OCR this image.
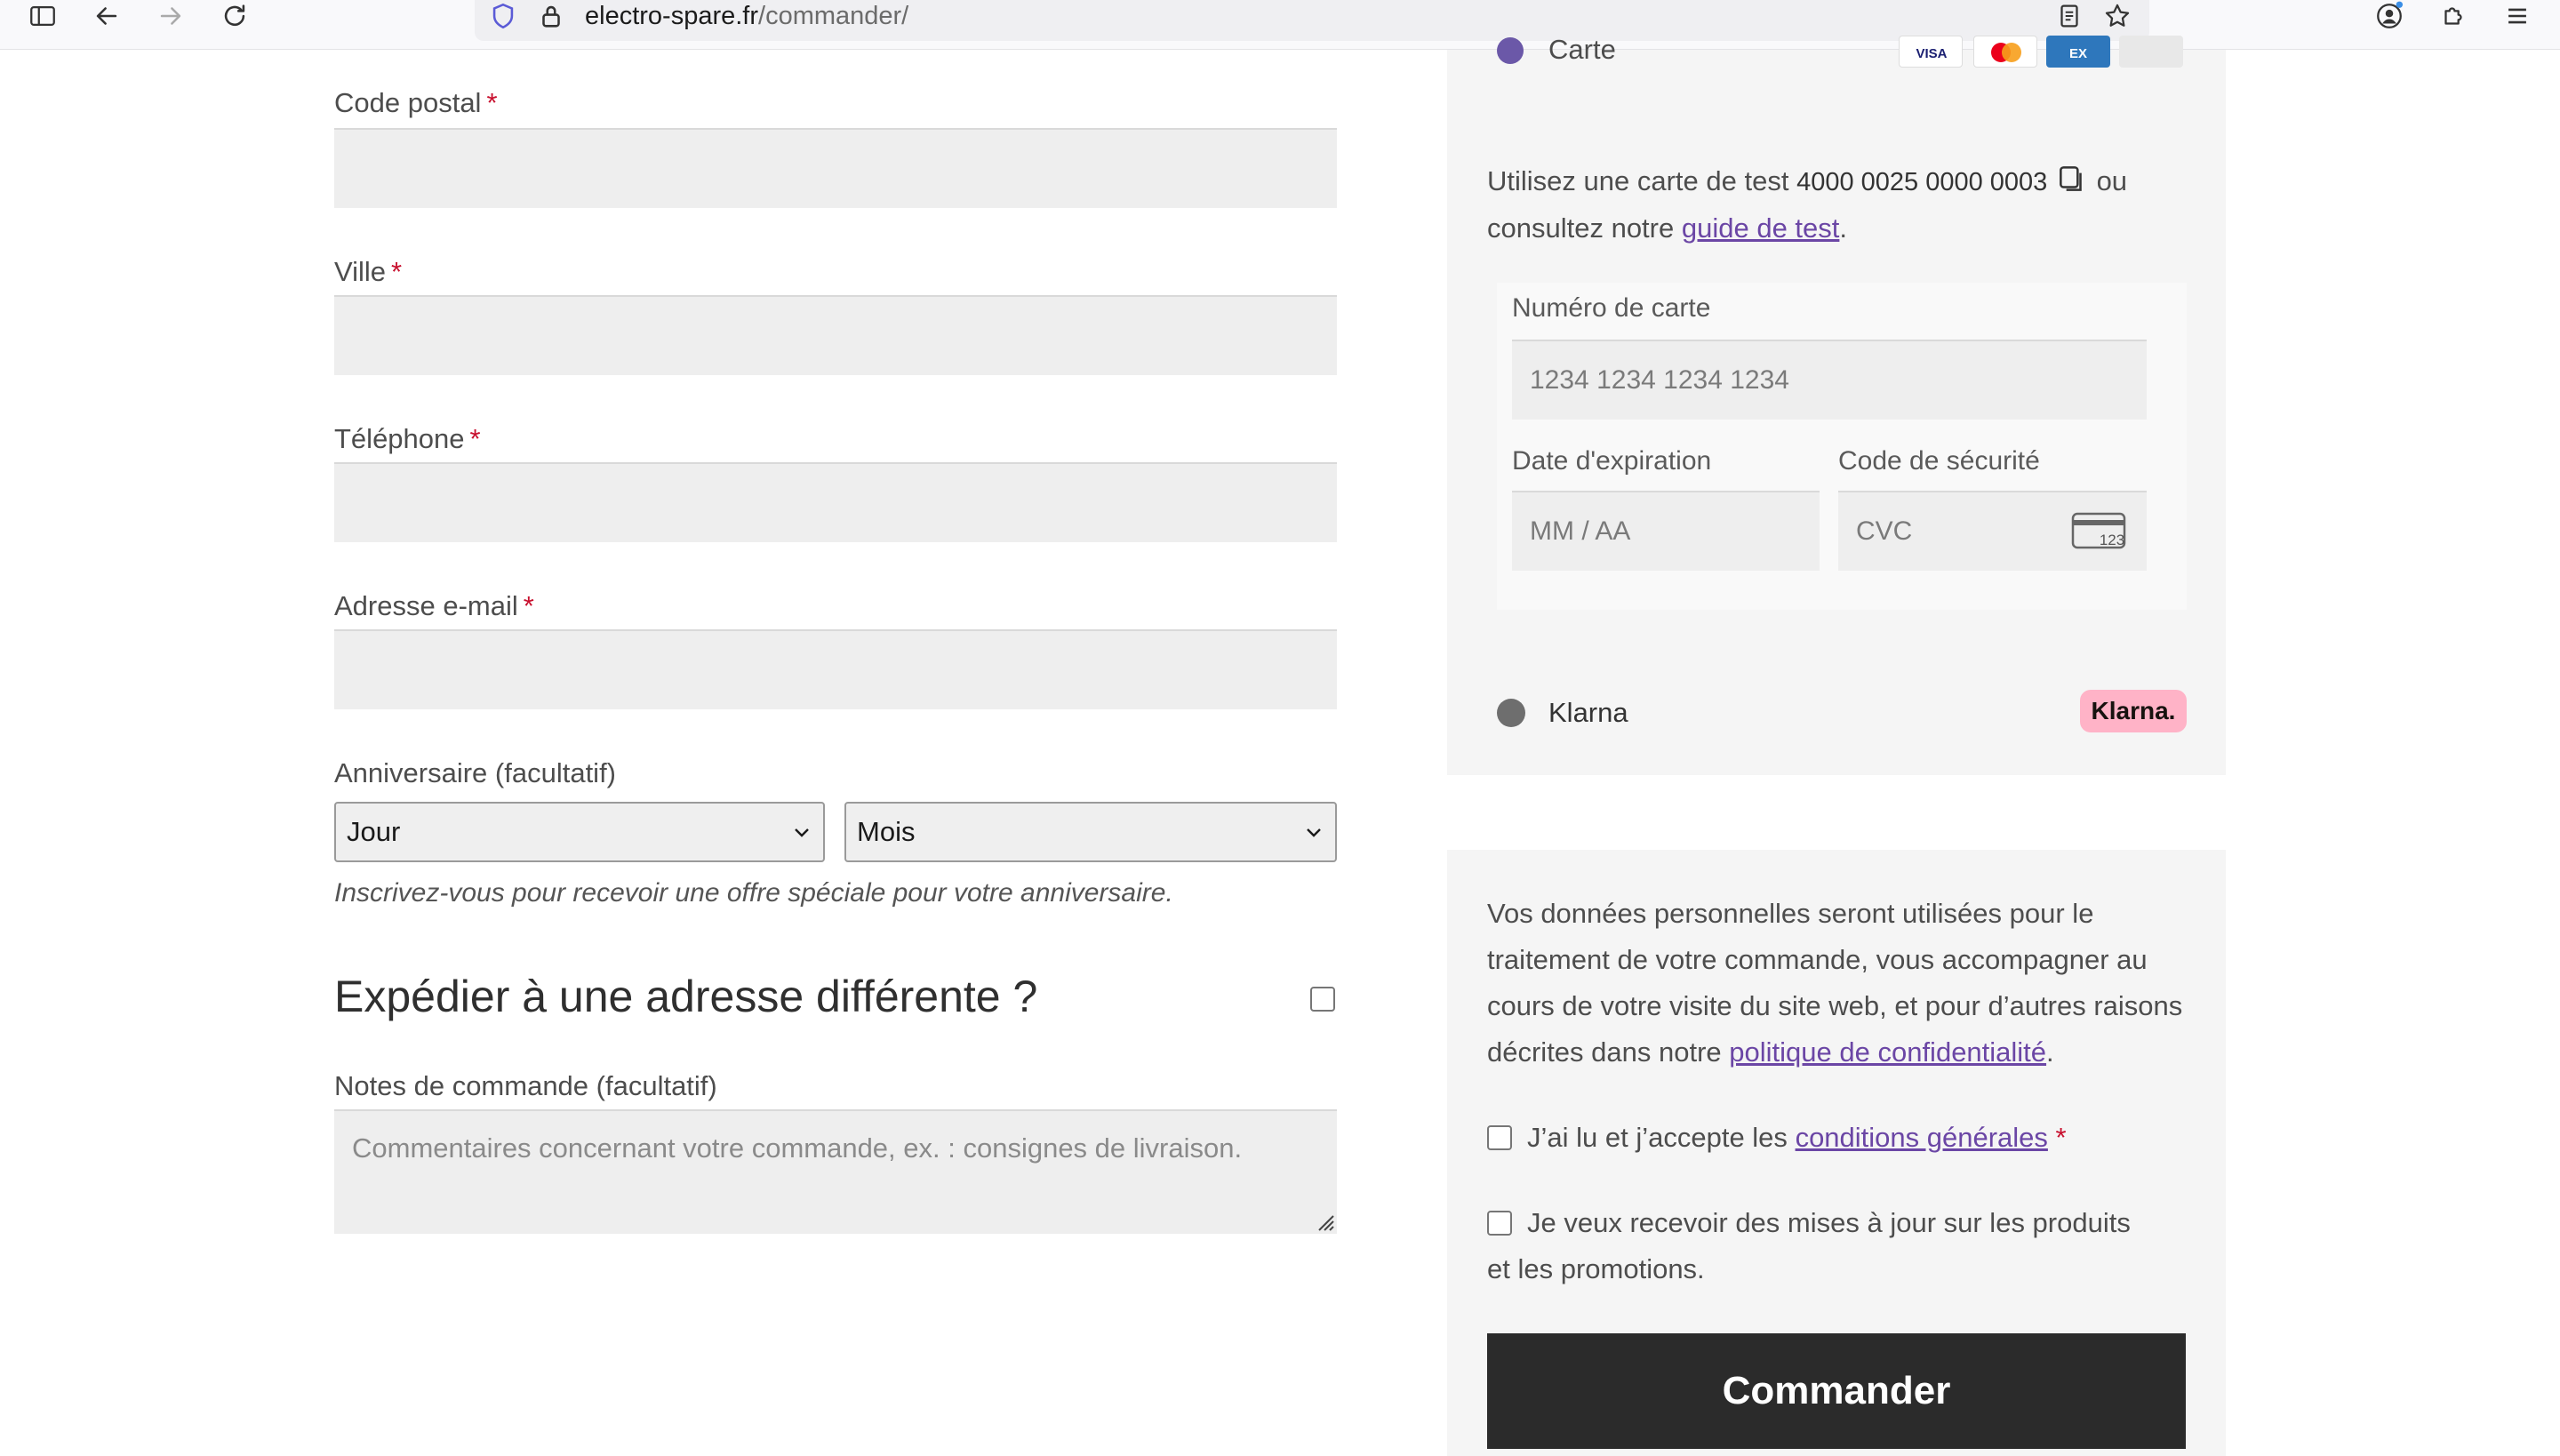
electro-spare.fr/commander/
Code postal *
Ville *
Téléphone *
Adresse e-mail *
Anniversaire (facultatif)
Jour	Mois
Inscrivez-vous pour recevoir une offre spéciale pour votre anniversaire.
Expédier à une adresse différente ?
Notes de commande (facultatif)
Commentaires concernant votre commande, ex. : consignes de livraison.
Carte	VISA	EX
Utilisez une carte de test 4000 0025 0000 0003 ou
consultez notre guide de test.
Numéro de carte
1234 1234 1234 1234
Date d'expiration
MM / AA
Code de sécurité
CVC	123
Klarna	Klarna.
Vos données personnelles seront utilisées pour le traitement de votre commande, vous accompagner au cours de votre visite du site web, et pour d’autres raisons décrites dans notre politique de confidentialité.
J’ai lu et j’accepte les conditions générales *
Je veux recevoir des mises à jour sur les produits et les promotions.
Commander
